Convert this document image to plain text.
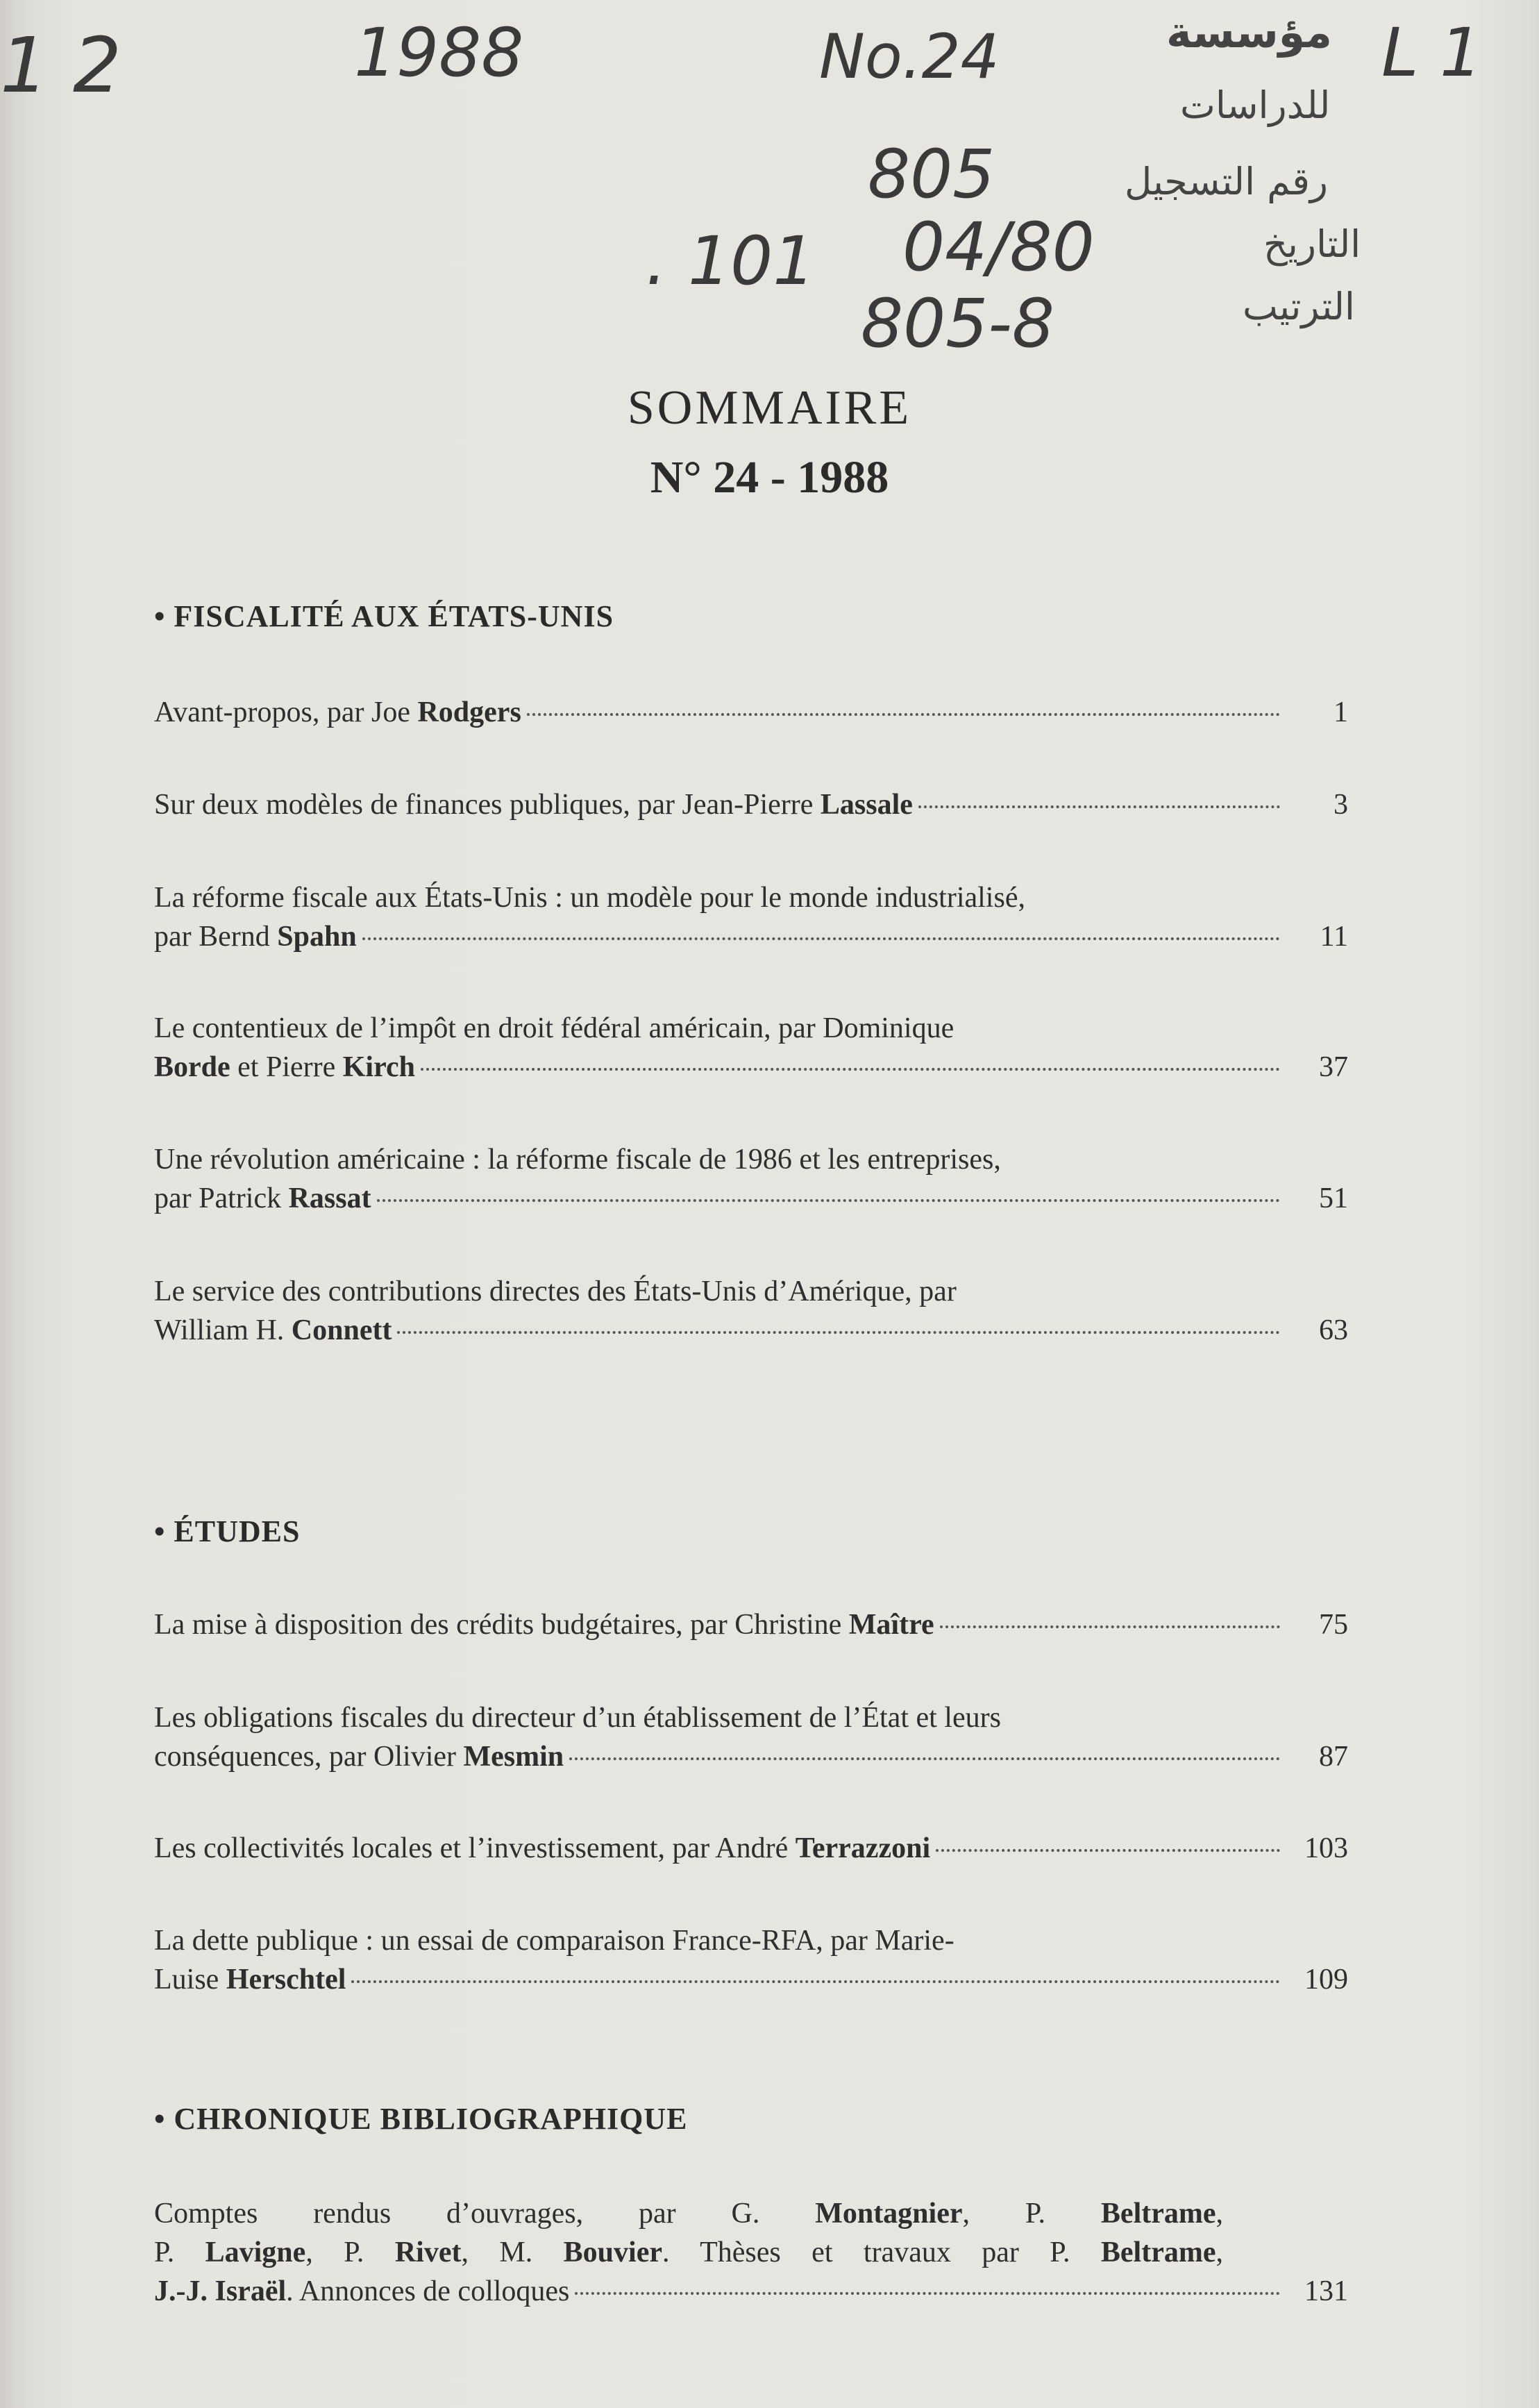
1 2	1988	No.24	L 1
805
. 101 04/80
805-8
مؤسسة
للدراسات
رقم التسجيل
التاريخ
الترتيب
SOMMAIRE
N° 24 - 1988
• FISCALITÉ AUX ÉTATS-UNIS
Avant-propos, par Joe Rodgers	1
Sur deux modèles de finances publiques, par Jean-Pierre Lassale	3
La réforme fiscale aux États-Unis : un modèle pour le monde industrialisé,
par Bernd Spahn	11
Le contentieux de l’impôt en droit fédéral américain, par Dominique
Borde et Pierre Kirch	37
Une révolution américaine : la réforme fiscale de 1986 et les entreprises,
par Patrick Rassat	51
Le service des contributions directes des États-Unis d’Amérique, par
William H. Connett	63
• ÉTUDES
La mise à disposition des crédits budgétaires, par Christine Maître	75
Les obligations fiscales du directeur d’un établissement de l’État et leurs
conséquences, par Olivier Mesmin	87
Les collectivités locales et l’investissement, par André Terrazzoni	103
La dette publique : un essai de comparaison France-RFA, par Marie-
Luise Herschtel	109
• CHRONIQUE BIBLIOGRAPHIQUE
Comptes rendus d’ouvrages, par G. Montagnier, P. Beltrame,
P. Lavigne, P. Rivet, M. Bouvier. Thèses et travaux par P. Beltrame,
J.-J. Israël. Annonces de colloques	131
